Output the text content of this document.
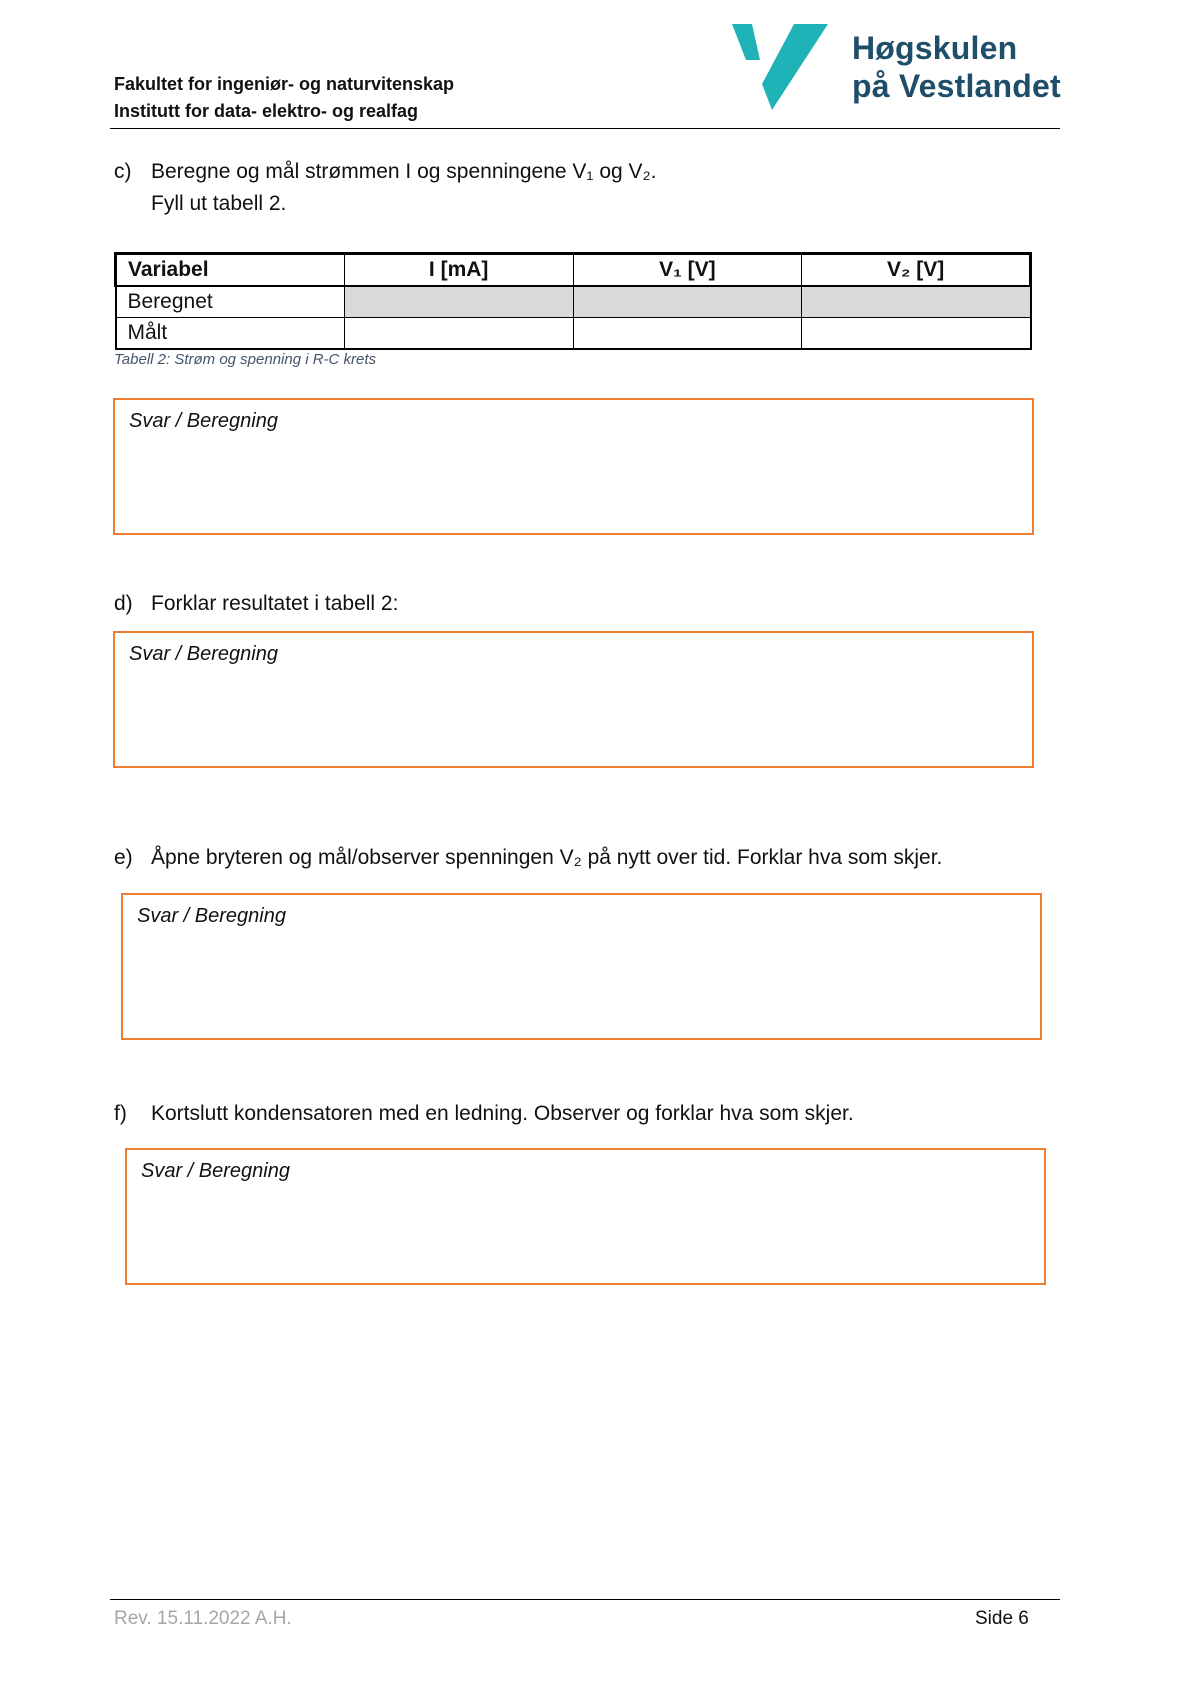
Fakultet for ingeniør- og naturvitenskap
Institutt for data- elektro- og realfag
Høgskulen
på Vestlandet
c) Beregne og mål strømmen I og spenningene V₁ og V₂.
Fyll ut tabell 2.
Variabel	I [mA]	V₁ [V]	V₂ [V]
Beregnet			
Målt			
Tabell 2: Strøm og spenning i R-C krets
Svar / Beregning
d) Forklar resultatet i tabell 2:
Svar / Beregning
e) Åpne bryteren og mål/observer spenningen V₂ på nytt over tid. Forklar hva som skjer.
Svar / Beregning
f) Kortslutt kondensatoren med en ledning. Observer og forklar hva som skjer.
Svar / Beregning
Rev. 15.11.2022 A.H.	Side 6
